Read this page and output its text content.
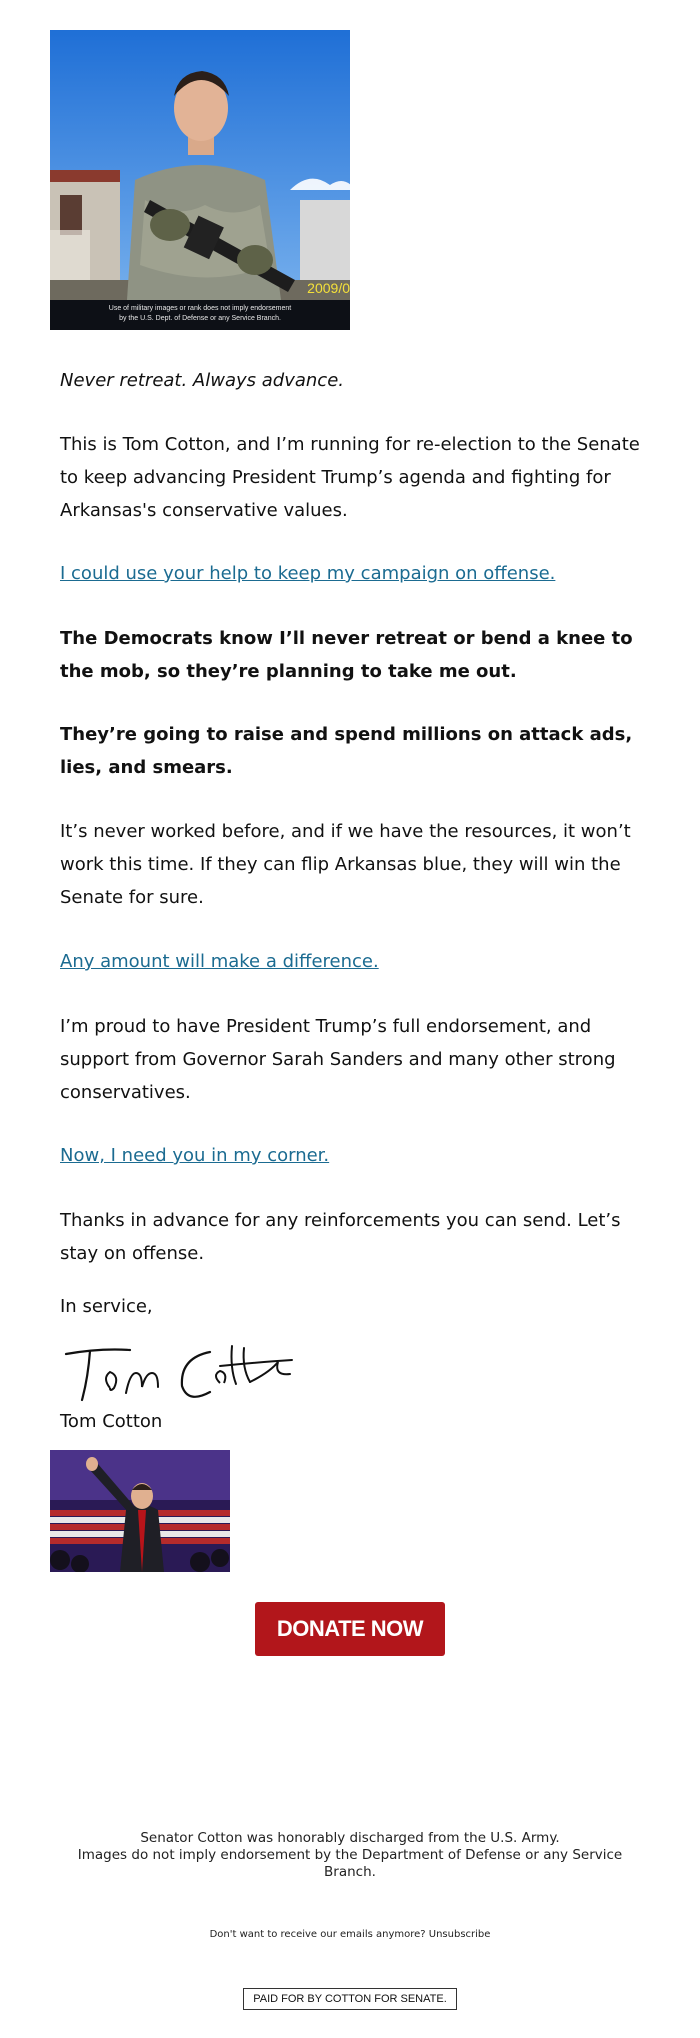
2009/0
Use of military images or rank does not imply endorsement
by the U.S. Dept. of Defense or any Service Branch.
Never retreat. Always advance.
This is Tom Cotton, and I’m running for re-election to the Senate to keep advancing President Trump’s agenda and fighting for Arkansas's conservative values.
I could use your help to keep my campaign on offense.
The Democrats know I’ll never retreat or bend a knee to the mob, so they’re planning to take me out.
They’re going to raise and spend millions on attack ads, lies, and smears.
It’s never worked before, and if we have the resources, it won’t work this time. If they can flip Arkansas blue, they will win the Senate for sure.
Any amount will make a difference.
I’m proud to have President Trump’s full endorsement, and support from Governor Sarah Sanders and many other strong conservatives.
Now, I need you in my corner.
Thanks in advance for any reinforcements you can send. Let’s stay on offense.
In service,
Tom Cotton
DONATE NOW
Senator Cotton was honorably discharged from the U.S. Army.
Images do not imply endorsement by the Department of Defense or any Service Branch.
Don't want to receive our emails anymore? Unsubscribe
PAID FOR BY COTTON FOR SENATE.
